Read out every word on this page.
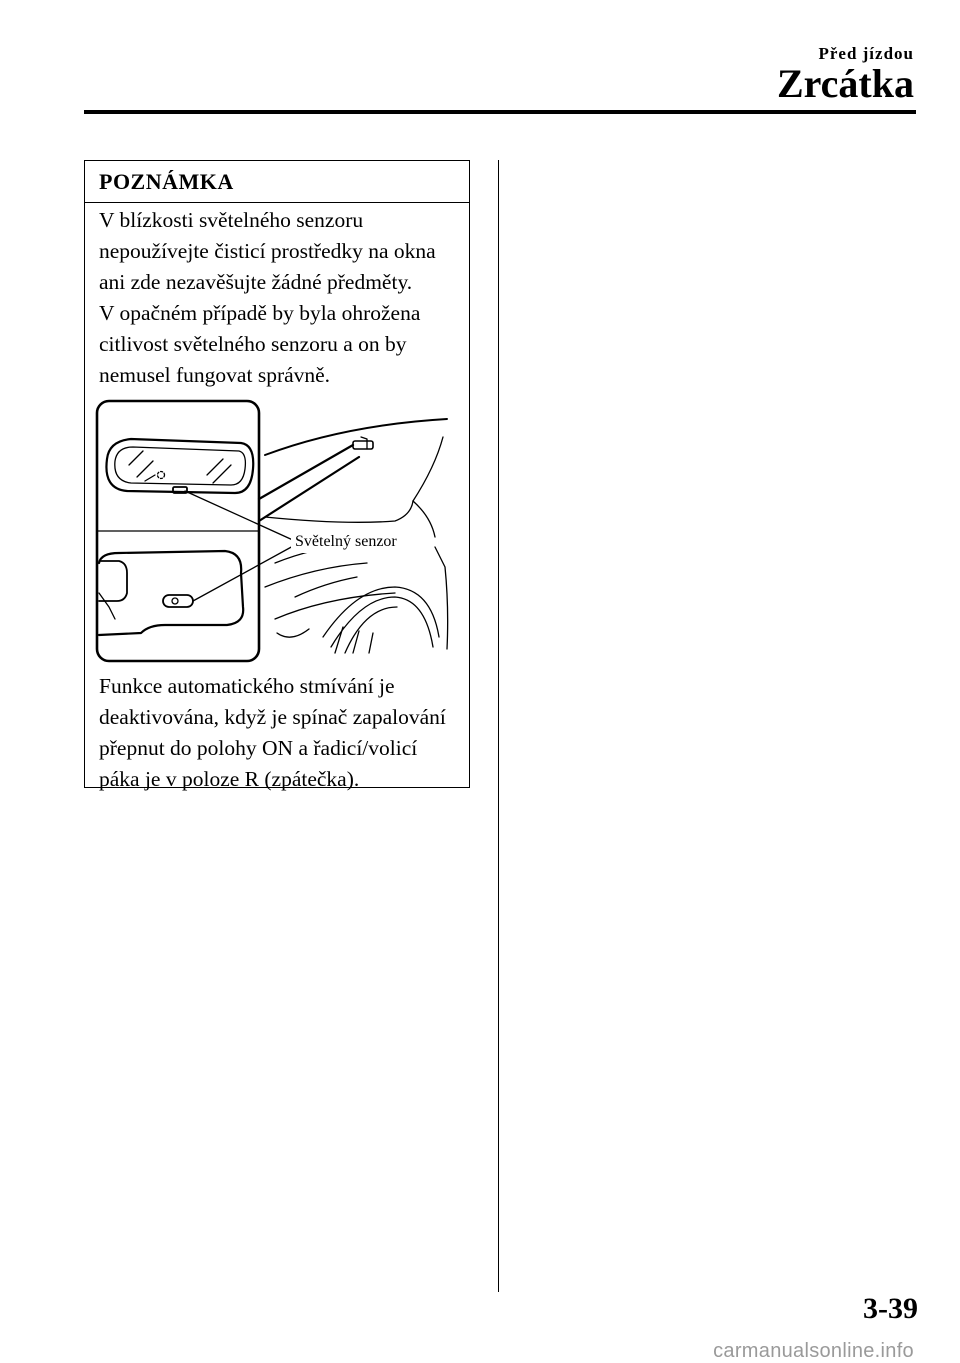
Před jízdou
Zrcátka
POZNÁMKA
V blízkosti světelného senzoru
nepoužívejte čisticí prostředky na okna
ani zde nezavěšujte žádné předměty.
V opačném případě by byla ohrožena
citlivost světelného senzoru a on by
nemusel fungovat správně.
Světelný senzor
Funkce automatického stmívání je
deaktivována, když je spínač zapalování
přepnut do polohy ON a řadicí/volicí
páka je v poloze R (zpátečka).
3-39
carmanualsonline.info
